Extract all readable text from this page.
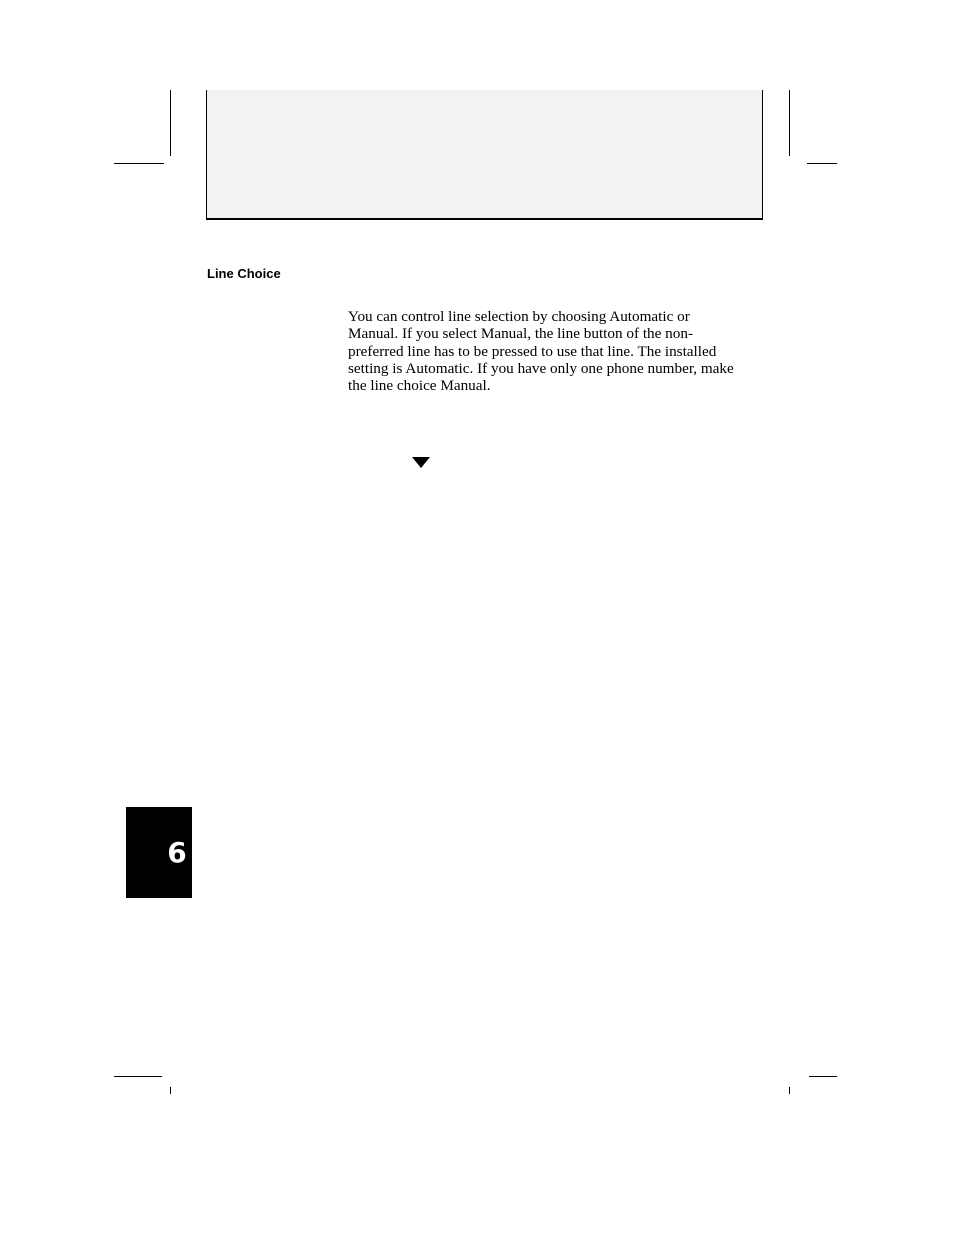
Line Choice

You can control line selection by choosing Automatic or Manual. If you select Manual, the line button of the non-preferred line has to be pressed to use that line. The installed setting is Automatic. If you have only one phone number, make the line choice Manual.

6
